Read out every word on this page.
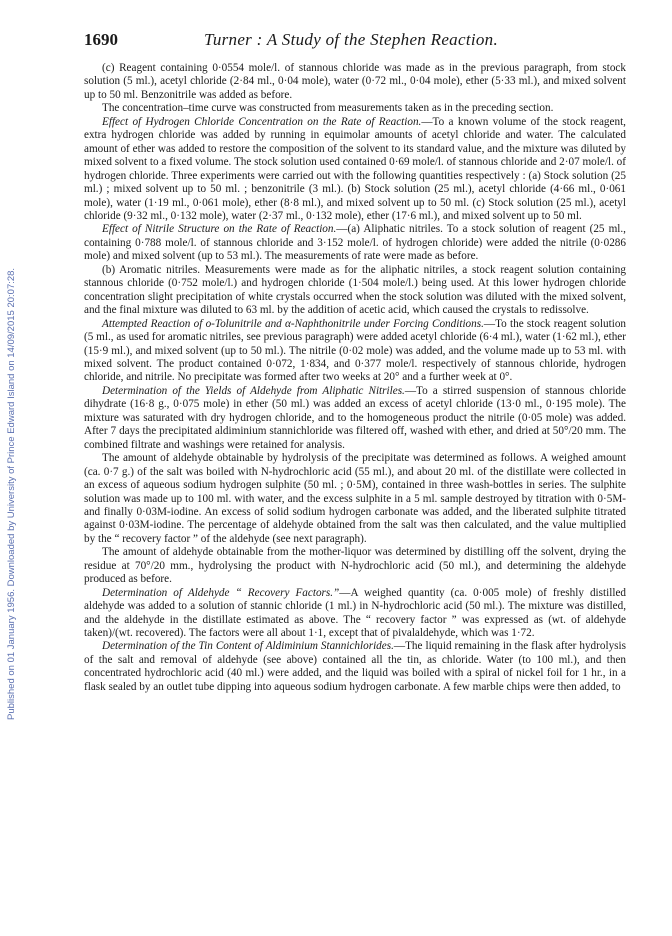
Published on 01 January 1956. Downloaded by University of Prince Edward Island on 14/09/2015 20:07:28.
1690	Turner : A Study of the Stephen Reaction.

(c) Reagent containing 0·0554 mole/l. of stannous chloride was made as in the previous paragraph, from stock solution (5 ml.), acetyl chloride (2·84 ml., 0·04 mole), water (0·72 ml., 0·04 mole), ether (5·33 ml.), and mixed solvent up to 50 ml. Benzonitrile was added as before.

The concentration–time curve was constructed from measurements taken as in the preceding section.

Effect of Hydrogen Chloride Concentration on the Rate of Reaction.—To a known volume of the stock reagent, extra hydrogen chloride was added by running in equimolar amounts of acetyl chloride and water. The calculated amount of ether was added to restore the composition of the solvent to its standard value, and the mixture was diluted by mixed solvent to a fixed volume. The stock solution used contained 0·69 mole/l. of stannous chloride and 2·07 mole/l. of hydrogen chloride. Three experiments were carried out with the following quantities respectively : (a) Stock solution (25 ml.) ; mixed solvent up to 50 ml. ; benzonitrile (3 ml.). (b) Stock solution (25 ml.), acetyl chloride (4·66 ml., 0·061 mole), water (1·19 ml., 0·061 mole), ether (8·8 ml.), and mixed solvent up to 50 ml. (c) Stock solution (25 ml.), acetyl chloride (9·32 ml., 0·132 mole), water (2·37 ml., 0·132 mole), ether (17·6 ml.), and mixed solvent up to 50 ml.

Effect of Nitrile Structure on the Rate of Reaction.—(a) Aliphatic nitriles. To a stock solution of reagent (25 ml., containing 0·788 mole/l. of stannous chloride and 3·152 mole/l. of hydrogen chloride) were added the nitrile (0·0286 mole) and mixed solvent (up to 53 ml.). The measurements of rate were made as before.

(b) Aromatic nitriles. Measurements were made as for the aliphatic nitriles, a stock reagent solution containing stannous chloride (0·752 mole/l.) and hydrogen chloride (1·504 mole/l.) being used. At this lower hydrogen chloride concentration slight precipitation of white crystals occurred when the stock solution was diluted with the mixed solvent, and the final mixture was diluted to 63 ml. by the addition of acetic acid, which caused the crystals to redissolve.

Attempted Reaction of o-Tolunitrile and α-Naphthonitrile under Forcing Conditions.—To the stock reagent solution (5 ml., as used for aromatic nitriles, see previous paragraph) were added acetyl chloride (6·4 ml.), water (1·62 ml.), ether (15·9 ml.), and mixed solvent (up to 50 ml.). The nitrile (0·02 mole) was added, and the volume made up to 53 ml. with mixed solvent. The product contained 0·072, 1·834, and 0·377 mole/l. respectively of stannous chloride, hydrogen chloride, and nitrile. No precipitate was formed after two weeks at 20° and a further week at 0°.

Determination of the Yields of Aldehyde from Aliphatic Nitriles.—To a stirred suspension of stannous chloride dihydrate (16·8 g., 0·075 mole) in ether (50 ml.) was added an excess of acetyl chloride (13·0 ml., 0·195 mole). The mixture was saturated with dry hydrogen chloride, and to the homogeneous product the nitrile (0·05 mole) was added. After 7 days the precipitated aldiminium stannichloride was filtered off, washed with ether, and dried at 50°/20 mm. The combined filtrate and washings were retained for analysis.

The amount of aldehyde obtainable by hydrolysis of the precipitate was determined as follows. A weighed amount (ca. 0·7 g.) of the salt was boiled with N-hydrochloric acid (55 ml.), and about 20 ml. of the distillate were collected in an excess of aqueous sodium hydrogen sulphite (50 ml. ; 0·5M), contained in three wash-bottles in series. The sulphite solution was made up to 100 ml. with water, and the excess sulphite in a 5 ml. sample destroyed by titration with 0·5M- and finally 0·03M-iodine. An excess of solid sodium hydrogen carbonate was added, and the liberated sulphite titrated against 0·03M-iodine. The percentage of aldehyde obtained from the salt was then calculated, and the value multiplied by the “ recovery factor ” of the aldehyde (see next paragraph).

The amount of aldehyde obtainable from the mother-liquor was determined by distilling off the solvent, drying the residue at 70°/20 mm., hydrolysing the product with N-hydrochloric acid (50 ml.), and determining the aldehyde produced as before.

Determination of Aldehyde “ Recovery Factors.”—A weighed quantity (ca. 0·005 mole) of freshly distilled aldehyde was added to a solution of stannic chloride (1 ml.) in N-hydrochloric acid (50 ml.). The mixture was distilled, and the aldehyde in the distillate estimated as above. The “ recovery factor ” was expressed as (wt. of aldehyde taken)/(wt. recovered). The factors were all about 1·1, except that of pivalaldehyde, which was 1·72.

Determination of the Tin Content of Aldiminium Stannichlorides.—The liquid remaining in the flask after hydrolysis of the salt and removal of aldehyde (see above) contained all the tin, as chloride. Water (to 100 ml.), and then concentrated hydrochloric acid (40 ml.) were added, and the liquid was boiled with a spiral of nickel foil for 1 hr., in a flask sealed by an outlet tube dipping into aqueous sodium hydrogen carbonate. A few marble chips were then added, to
